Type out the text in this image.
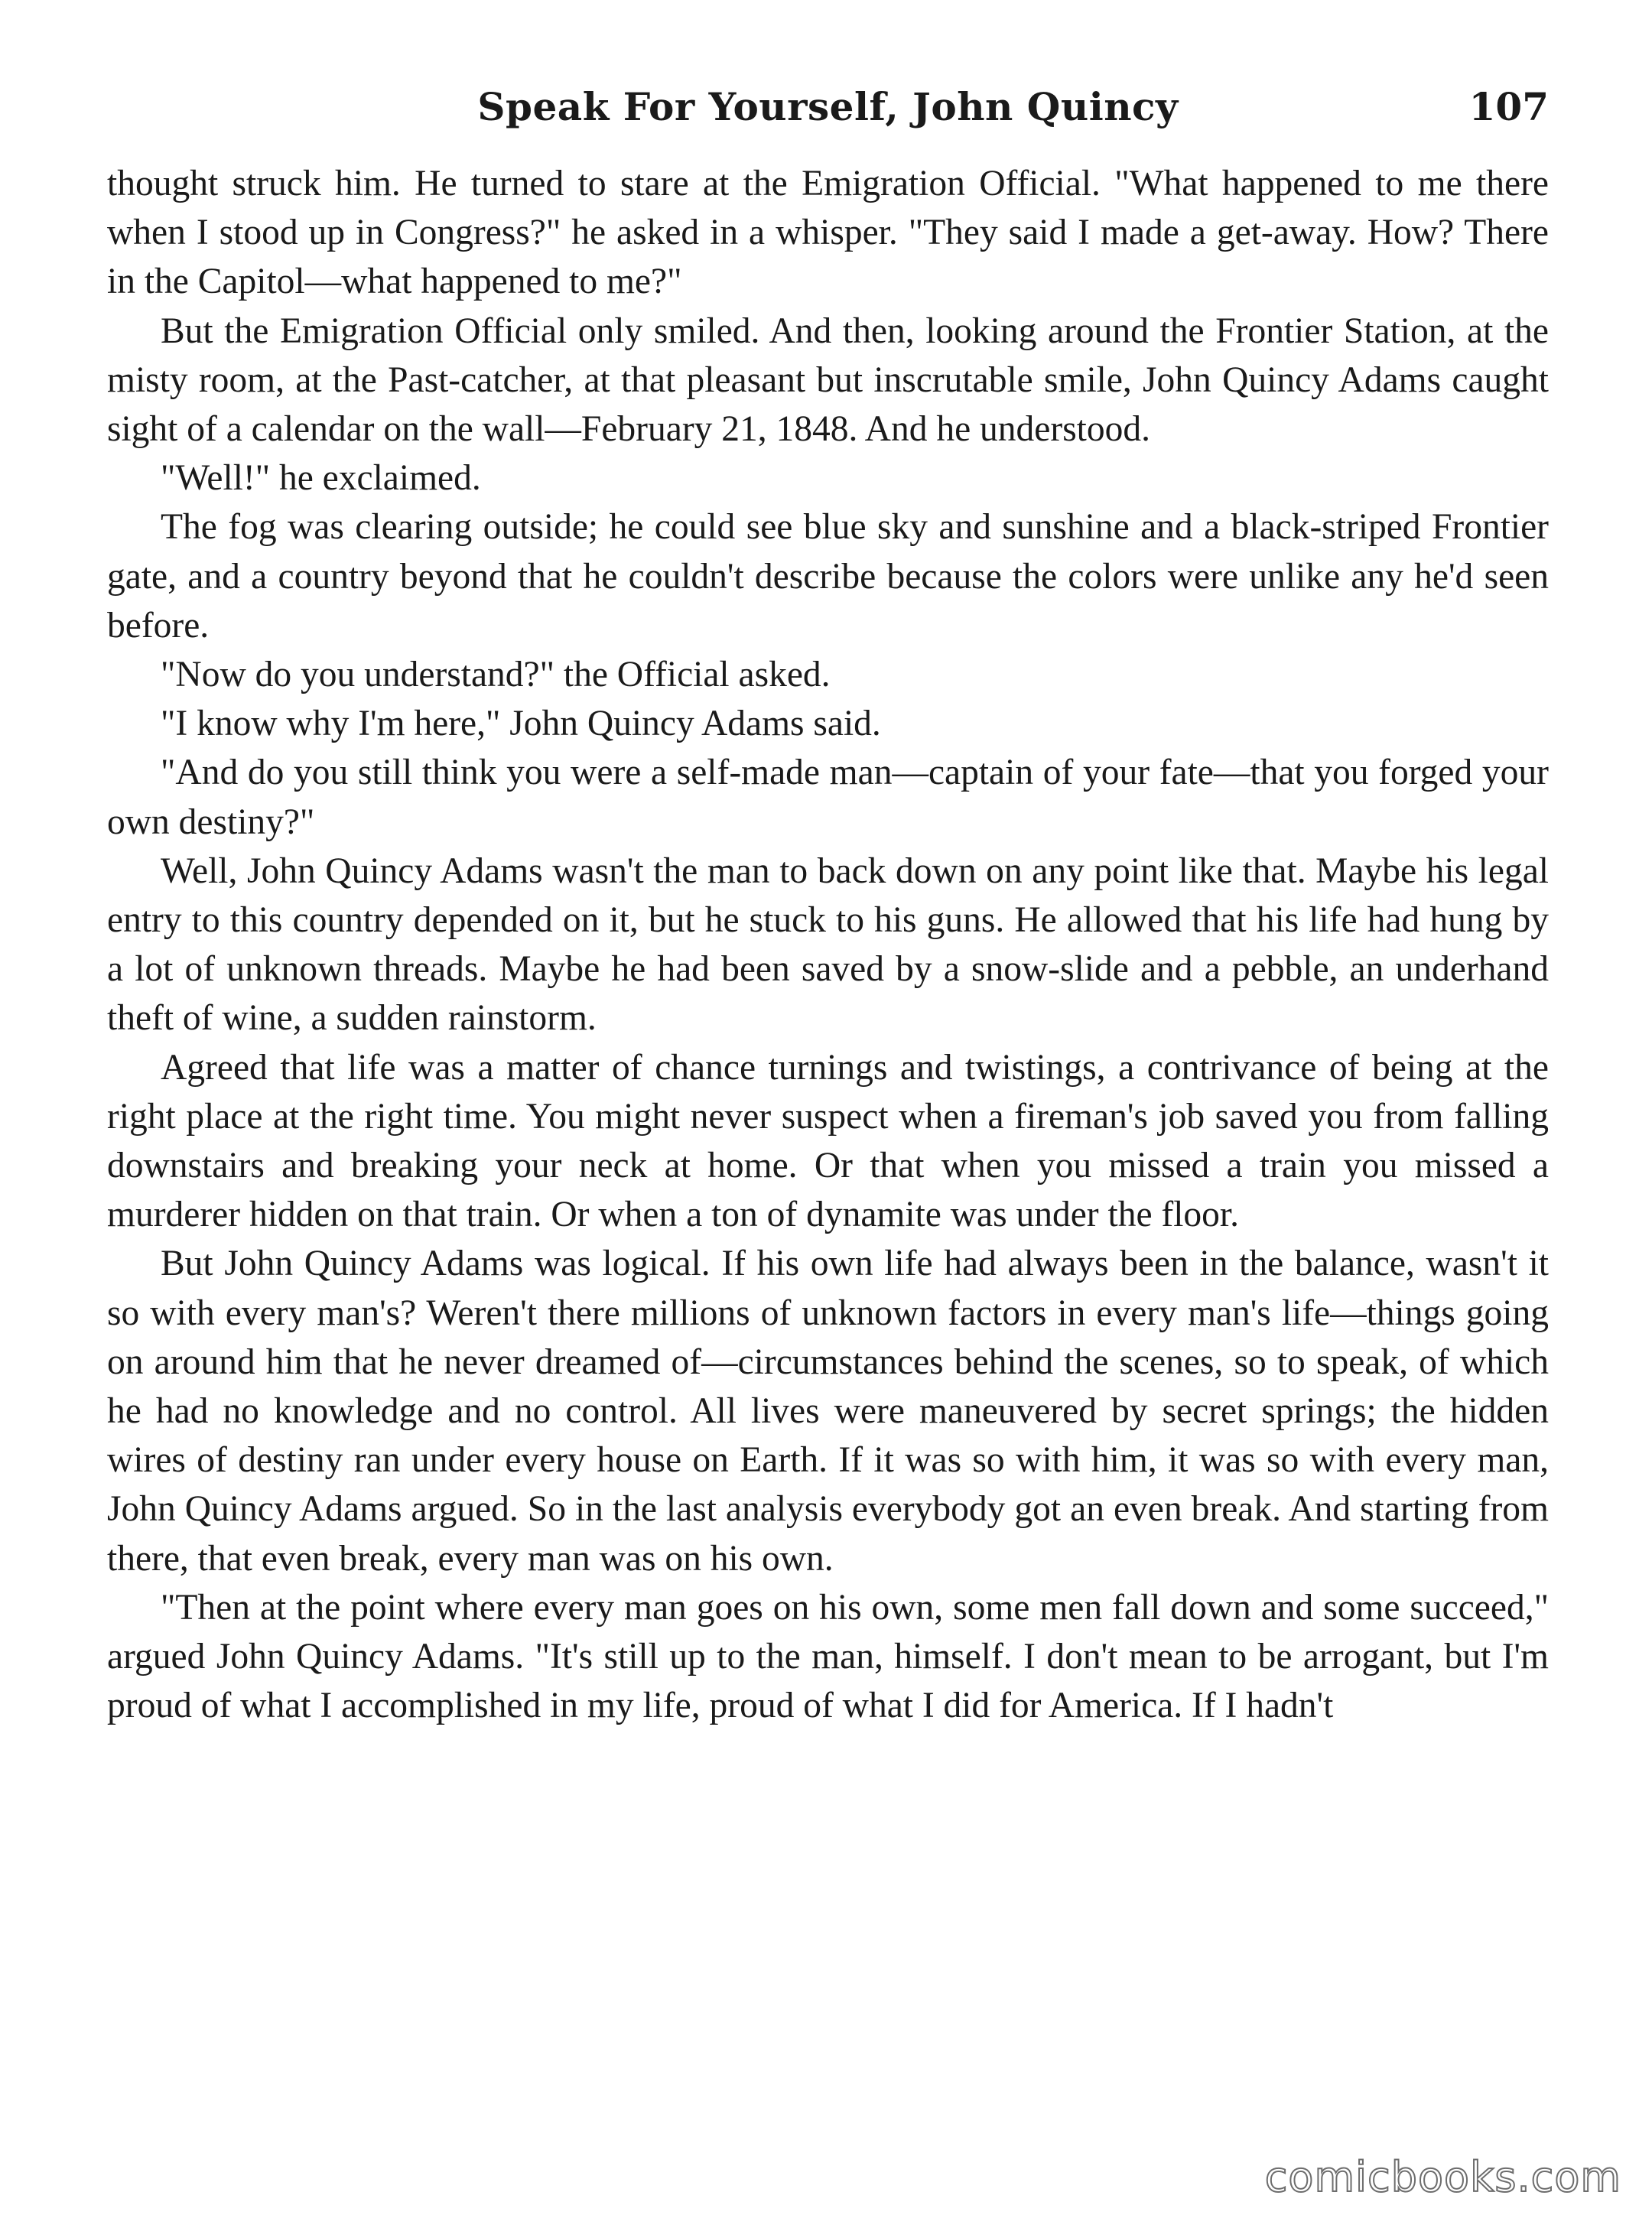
Speak For Yourself, John Quincy	107

thought struck him. He turned to stare at the Emigration Official. "What happened to me there when I stood up in Congress?" he asked in a whisper. "They said I made a get-away. How? There in the Capitol—what happened to me?"

But the Emigration Official only smiled. And then, looking around the Frontier Station, at the misty room, at the Past-catcher, at that pleasant but inscrutable smile, John Quincy Adams caught sight of a calendar on the wall—February 21, 1848. And he understood.

"Well!" he exclaimed.

The fog was clearing outside; he could see blue sky and sunshine and a black-striped Frontier gate, and a country beyond that he couldn't describe because the colors were unlike any he'd seen before.

"Now do you understand?" the Official asked.

"I know why I'm here," John Quincy Adams said.

"And do you still think you were a self-made man—captain of your fate—that you forged your own destiny?"

Well, John Quincy Adams wasn't the man to back down on any point like that. Maybe his legal entry to this country depended on it, but he stuck to his guns. He allowed that his life had hung by a lot of unknown threads. Maybe he had been saved by a snow-slide and a pebble, an underhand theft of wine, a sudden rainstorm.

Agreed that life was a matter of chance turnings and twistings, a contrivance of being at the right place at the right time. You might never suspect when a fireman's job saved you from falling downstairs and breaking your neck at home. Or that when you missed a train you missed a murderer hidden on that train. Or when a ton of dynamite was under the floor.

But John Quincy Adams was logical. If his own life had always been in the balance, wasn't it so with every man's? Weren't there millions of unknown factors in every man's life—things going on around him that he never dreamed of—circumstances behind the scenes, so to speak, of which he had no knowledge and no control. All lives were maneuvered by secret springs; the hidden wires of destiny ran under every house on Earth. If it was so with him, it was so with every man, John Quincy Adams argued. So in the last analysis everybody got an even break. And starting from there, that even break, every man was on his own.

"Then at the point where every man goes on his own, some men fall down and some succeed," argued John Quincy Adams. "It's still up to the man, himself. I don't mean to be arrogant, but I'm proud of what I accomplished in my life, proud of what I did for America. If I hadn't

comicbooks.com
